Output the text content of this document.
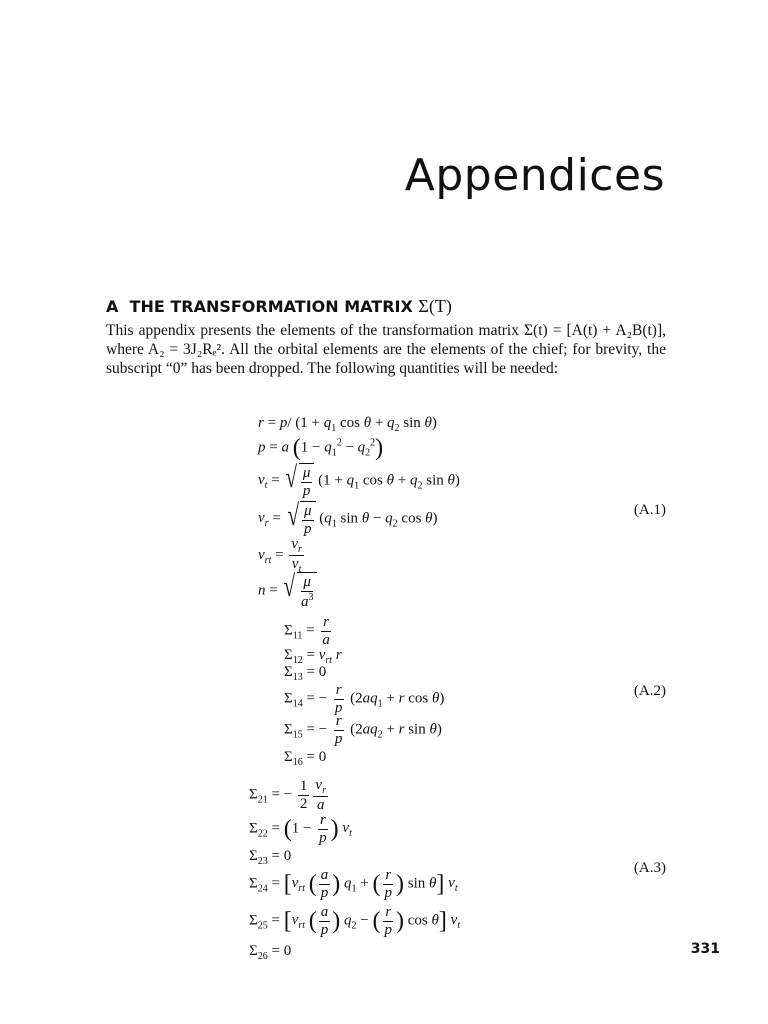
Appendices
A THE TRANSFORMATION MATRIX Σ(T)

This appendix presents the elements of the transformation matrix Σ(t) = [A(t) + A₂B(t)], where A₂ = 3J₂Rₑ². All the orbital elements are the elements of the chief; for brevity, the subscript “0” has been dropped. The following quantities will be needed:

r = p/ ($1 + q_1$ $\cos \theta + q_2$ sin θ)
p = a $(1 - q_1^2 - q_2^2)$
$v_t$ = √ $\frac{\mu}{p} (1 + q_1$ $\cos \theta + q_2$ sin θ)
$v_r$ = √ $\frac{\mu}{p} (q_1$ $\sin \theta - q_2$ cos θ)
$v_{rt} = \frac{v_r}{v_t}$
n = √ $\frac{\mu}{a^3}$
(A.1)
$\Sigma_{11} = \frac{r}{a}$
$\Sigma_{12} = v_{rt}$ r
$\Sigma_{13} = 0$
$\Sigma_{14}$ = − $\frac{r}{p} (2aq_1 + r$ cos θ)
$\Sigma_{15}$ = − $\frac{r}{p} (2aq_2 + r$ sin θ)
$\Sigma_{16} = 0$
(A.2)
$\Sigma_{21}$ = − $\frac{1}{2} \frac{v_r}{a}$
$\Sigma_{22} = (1 - \frac{r}{p}$ ) $v_t$
$\Sigma_{23} = 0$
$\Sigma_{24} = [v_{rt}$ ( $\frac{a}{p}$ ) $q_1$ + ( $\frac{r}{p}$ ) sin θ] $v_t$
$\Sigma_{25} = [v_{rt}$ ( $\frac{a}{p}$ ) $q_2$ − ( $\frac{r}{p}$ ) cos θ] $v_t$
$\Sigma_{26} = 0$
(A.3)
331
